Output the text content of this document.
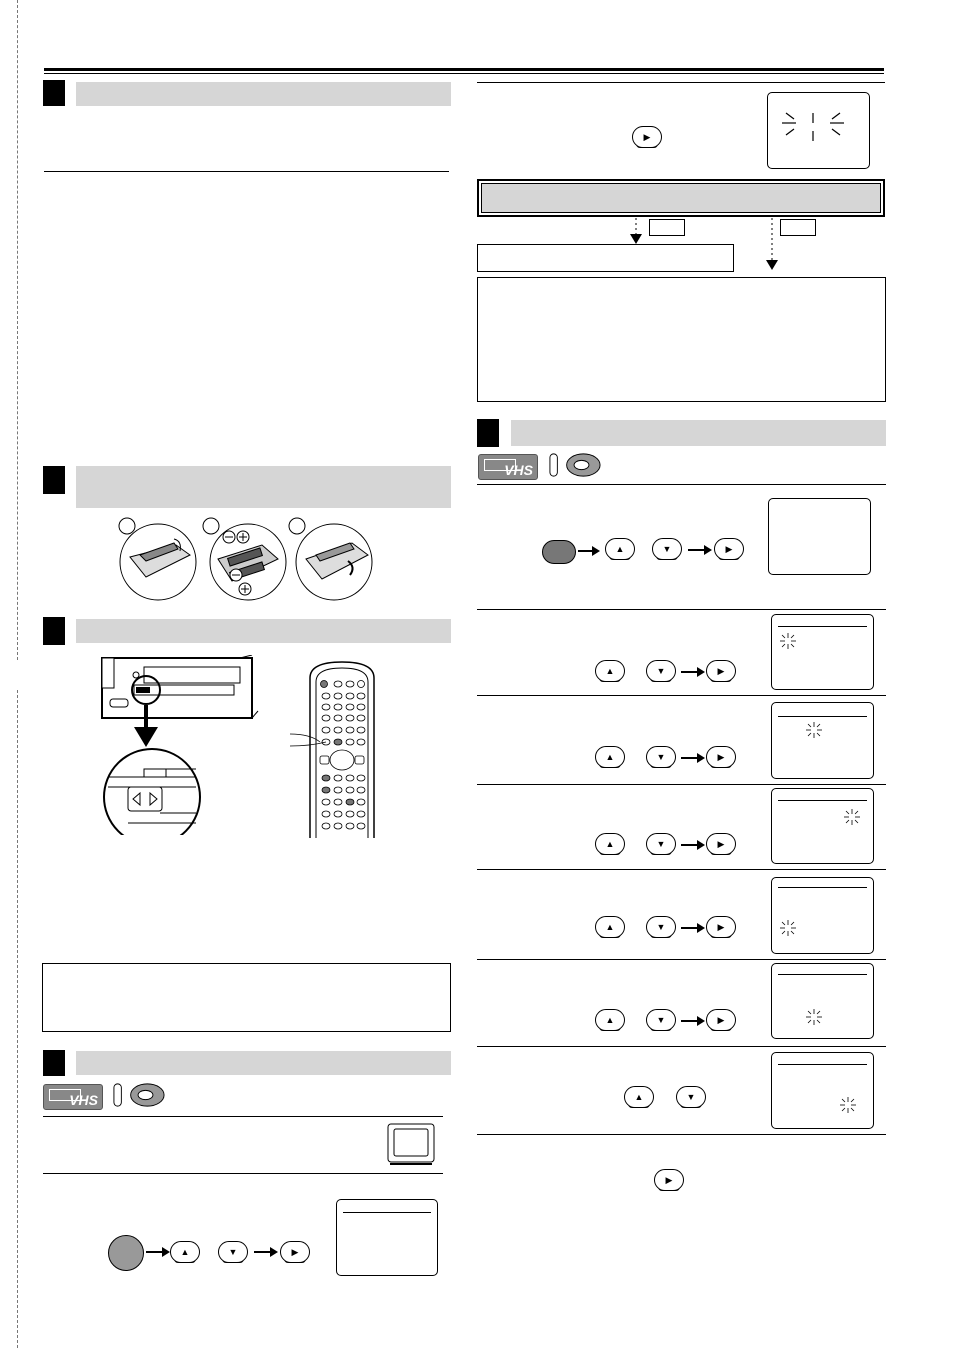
VHS
▲	▼	▶
▶
VHS
▲	▼	▶
▲	▼	▶
▲	▼	▶
▲	▼	▶
▲	▼	▶
▲	▼	▶
▲	▼
▶
